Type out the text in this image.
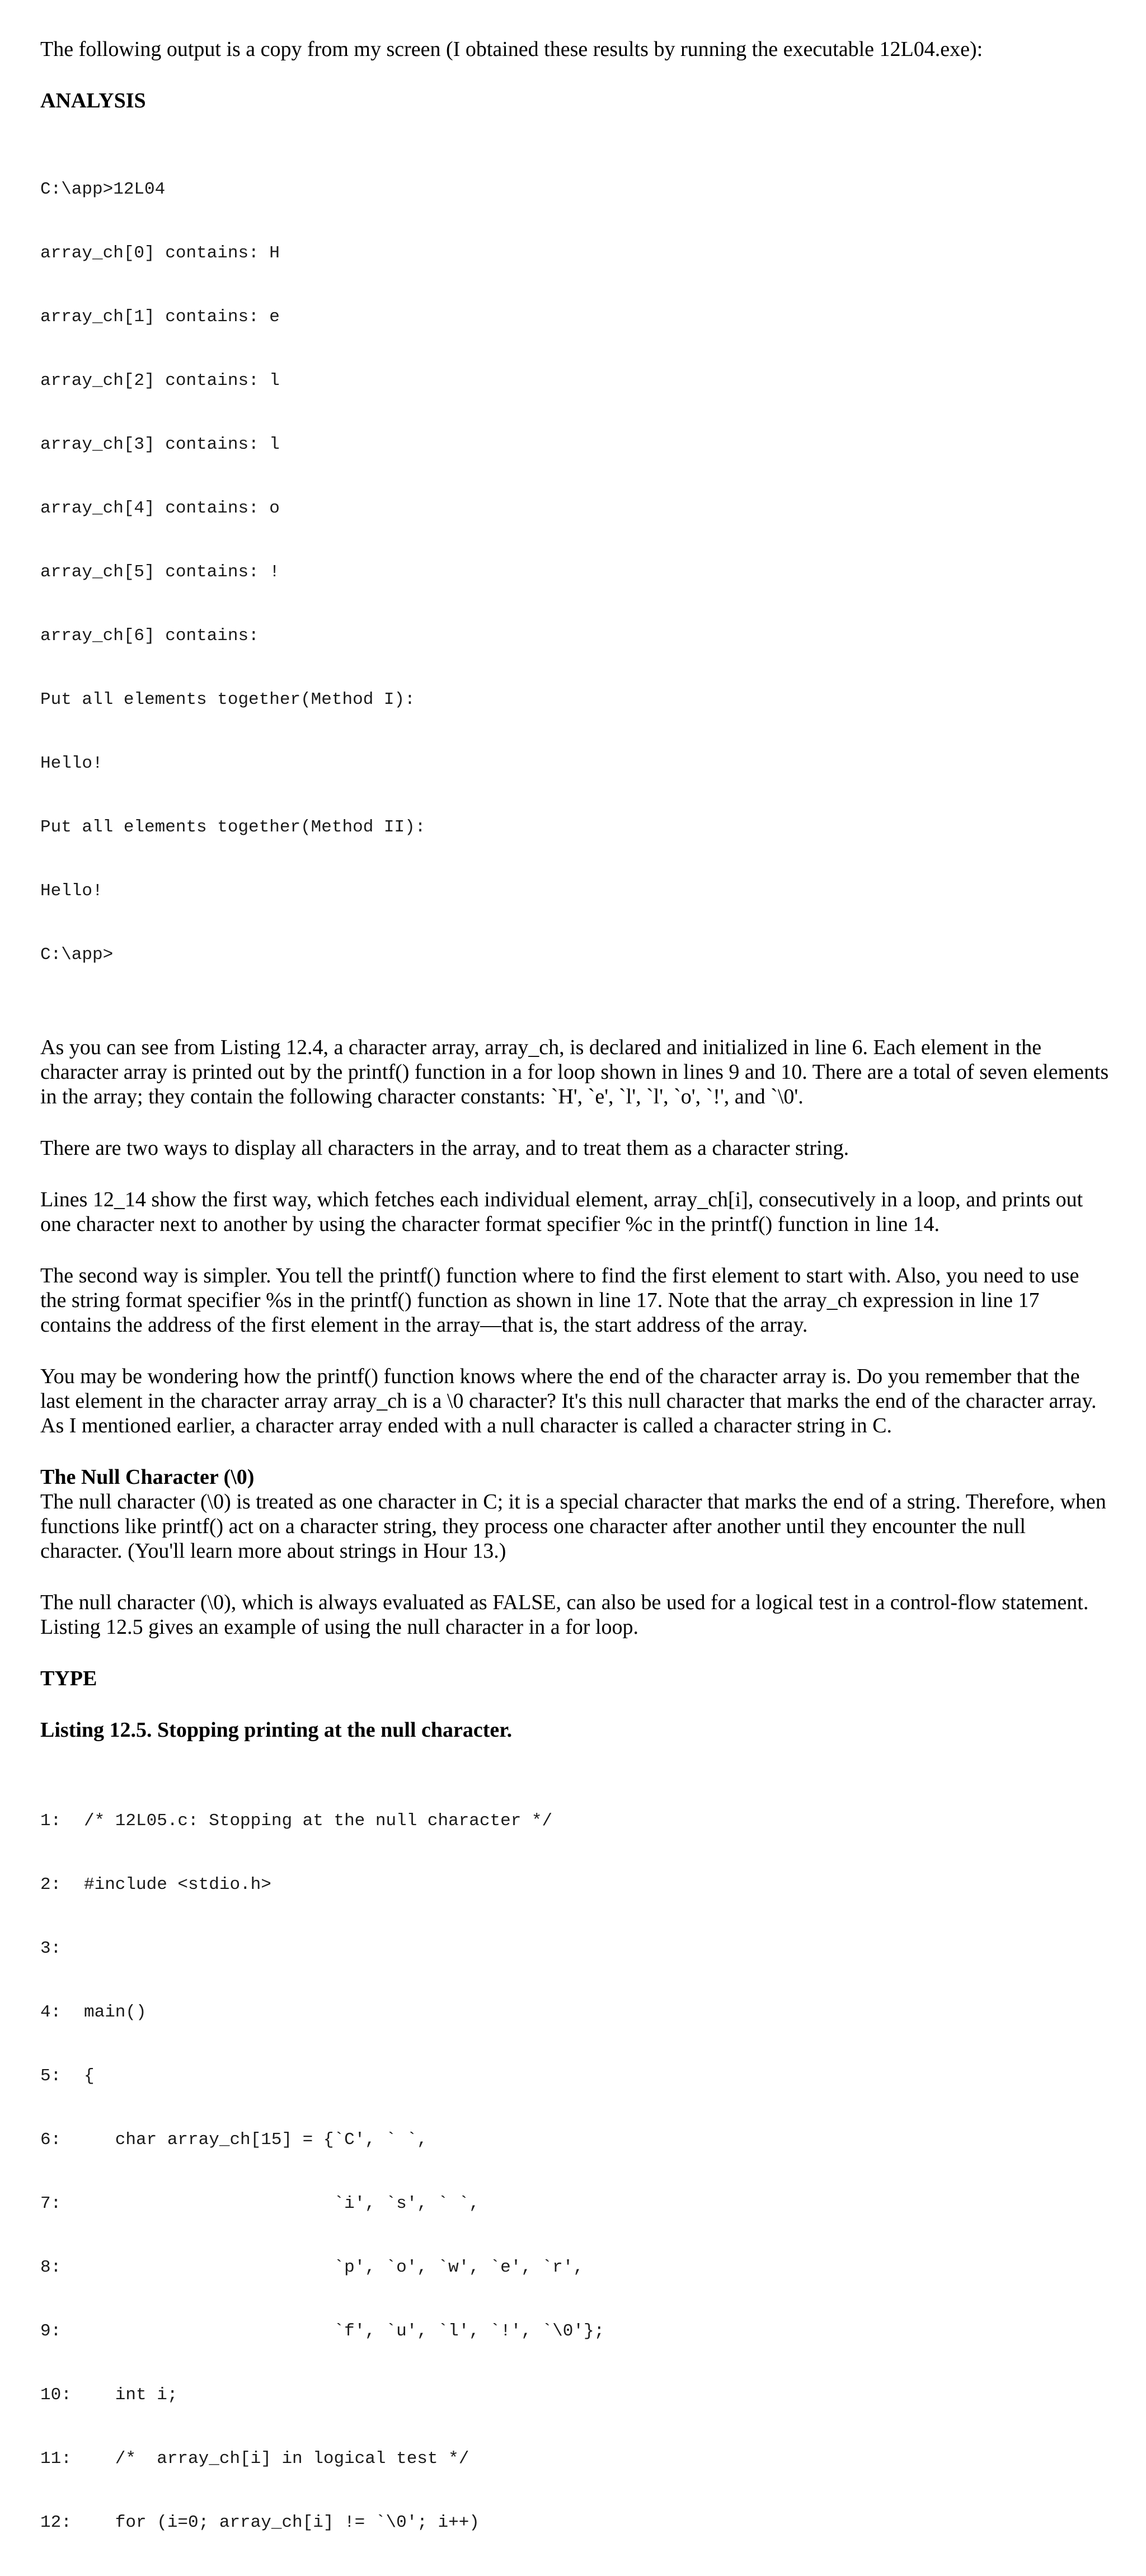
The following output is a copy from my screen (I obtained these results by running the executable 12L04.exe):

ANALYSIS

C:\app>12L04

array_ch[0] contains: H

array_ch[1] contains: e

array_ch[2] contains: l

array_ch[3] contains: l

array_ch[4] contains: o

array_ch[5] contains: !

array_ch[6] contains:

Put all elements together(Method I):

Hello!

Put all elements together(Method II):

Hello!

C:\app>

As you can see from Listing 12.4, a character array, array_ch, is declared and initialized in line 6. Each element in the character array is printed out by the printf() function in a for loop shown in lines 9 and 10. There are a total of seven elements in the array; they contain the following character constants: `H', `e', `l', `l', `o', `!', and `\0'.

There are two ways to display all characters in the array, and to treat them as a character string.

Lines 12_14 show the first way, which fetches each individual element, array_ch[i], consecutively in a loop, and prints out one character next to another by using the character format specifier %c in the printf() function in line 14.

The second way is simpler. You tell the printf() function where to find the first element to start with. Also, you need to use the string format specifier %s in the printf() function as shown in line 17. Note that the array_ch expression in line 17 contains the address of the first element in the array—that is, the start address of the array.

You may be wondering how the printf() function knows where the end of the character array is. Do you remember that the last element in the character array array_ch is a \0 character? It's this null character that marks the end of the character array. As I mentioned earlier, a character array ended with a null character is called a character string in C.

The Null Character (\0)

The null character (\0) is treated as one character in C; it is a special character that marks the end of a string. Therefore, when functions like printf() act on a character string, they process one character after another until they encounter the null character. (You'll learn more about strings in Hour 13.)

The null character (\0), which is always evaluated as FALSE, can also be used for a logical test in a control-flow statement. Listing 12.5 gives an example of using the null character in a for loop.

TYPE
Listing 12.5. Stopping printing at the null character.

1:	/* 12L05.c: Stopping at the null character */

2:	#include <stdio.h>

3:

4:	main()

5:	{

6:	char array_ch[15] = {`C', ` `,

7:	`i', `s', ` `,

8:	`p', `o', `w', `e', `r',

9:	`f', `u', `l', `!', `\0'};

10: int i;

11: /*  array_ch[i] in logical test */

12: for (i=0; array_ch[i] != `\0'; i++)
